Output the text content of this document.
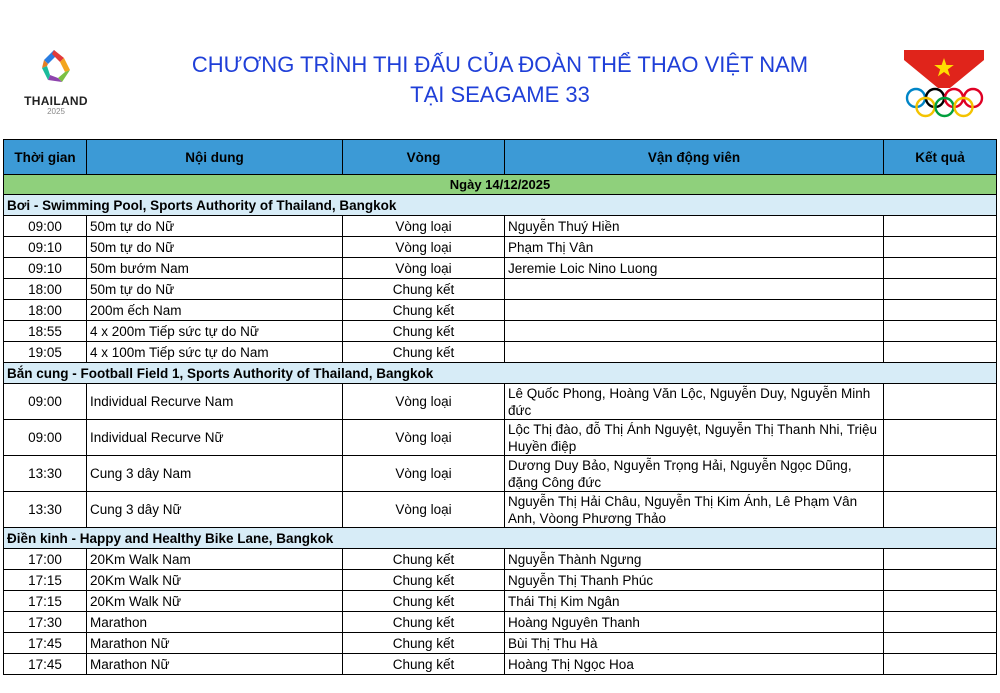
THAILAND
2025
CHƯƠNG TRÌNH THI ĐẤU CỦA ĐOÀN THỂ THAO VIỆT NAM
TẠI SEAGAME 33
Thời gian	Nội dung	Vòng	Vận động viên	Kết quả
Ngày 14/12/2025				
Bơi - Swimming Pool, Sports Authority of Thailand, Bangkok				
09:00	50m tự do Nữ	Vòng loại	Nguyễn Thuý Hiền	
09:10	50m tự do Nữ	Vòng loại	Phạm Thị Vân	
09:10	50m bướm Nam	Vòng loại	Jeremie Loic Nino Luong	
18:00	50m tự do Nữ	Chung kết		
18:00	200m ếch Nam	Chung kết		
18:55	4 x 200m Tiếp sức tự do Nữ	Chung kết		
19:05	4 x 100m Tiếp sức tự do Nam	Chung kết		
Bắn cung - Football Field 1, Sports Authority of Thailand, Bangkok				
09:00	Individual Recurve Nam	Vòng loại	Lê Quốc Phong, Hoàng Văn Lộc, Nguyễn Duy, Nguyễn Minh đức	
09:00	Individual Recurve Nữ	Vòng loại	Lộc Thị đào, đỗ Thị Ánh Nguyệt, Nguyễn Thị Thanh Nhi, Triệu Huyền điệp	
13:30	Cung 3 dây Nam	Vòng loại	Dương Duy Bảo, Nguyễn Trọng Hải, Nguyễn Ngọc Dũng, đặng Công đức	
13:30	Cung 3 dây Nữ	Vòng loại	Nguyễn Thị Hải Châu, Nguyễn Thị Kim Ánh, Lê Phạm Vân Anh, Vòong Phương Thảo	
Điền kinh - Happy and Healthy Bike Lane, Bangkok				
17:00	20Km Walk Nam	Chung kết	Nguyễn Thành Ngưng	
17:15	20Km Walk Nữ	Chung kết	Nguyễn Thị Thanh Phúc	
17:15	20Km Walk Nữ	Chung kết	Thái Thị Kim Ngân	
17:30	Marathon	Chung kết	Hoàng Nguyên Thanh	
17:45	Marathon Nữ	Chung kết	Bùi Thị Thu Hà	
17:45	Marathon Nữ	Chung kết	Hoàng Thị Ngọc Hoa	
